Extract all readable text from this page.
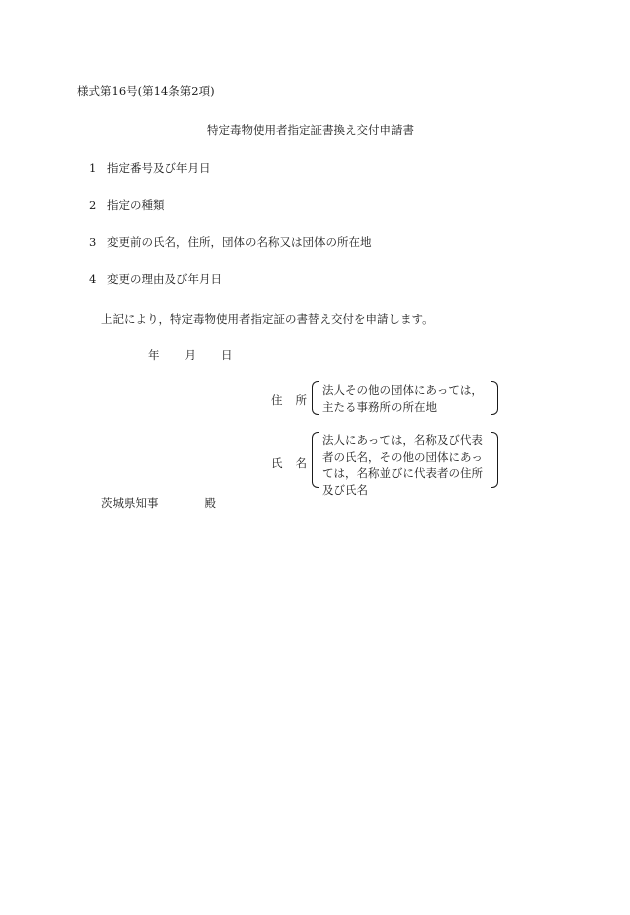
様式第16号(第14条第2項)
特定毒物使用者指定証書換え交付申請書
1 指定番号及び年月日
2 指定の種類
3 変更前の氏名，住所，団体の名称又は団体の所在地
4 変更の理由及び年月日
上記により，特定毒物使用者指定証の書替え交付を申請します。
年 月 日
住 所
法人その他の団体にあっては，
主たる事務所の所在地
氏 名
法人にあっては，名称及び代表
者の氏名，その他の団体にあっ
ては，名称並びに代表者の住所
及び氏名
茨城県知事	殿
